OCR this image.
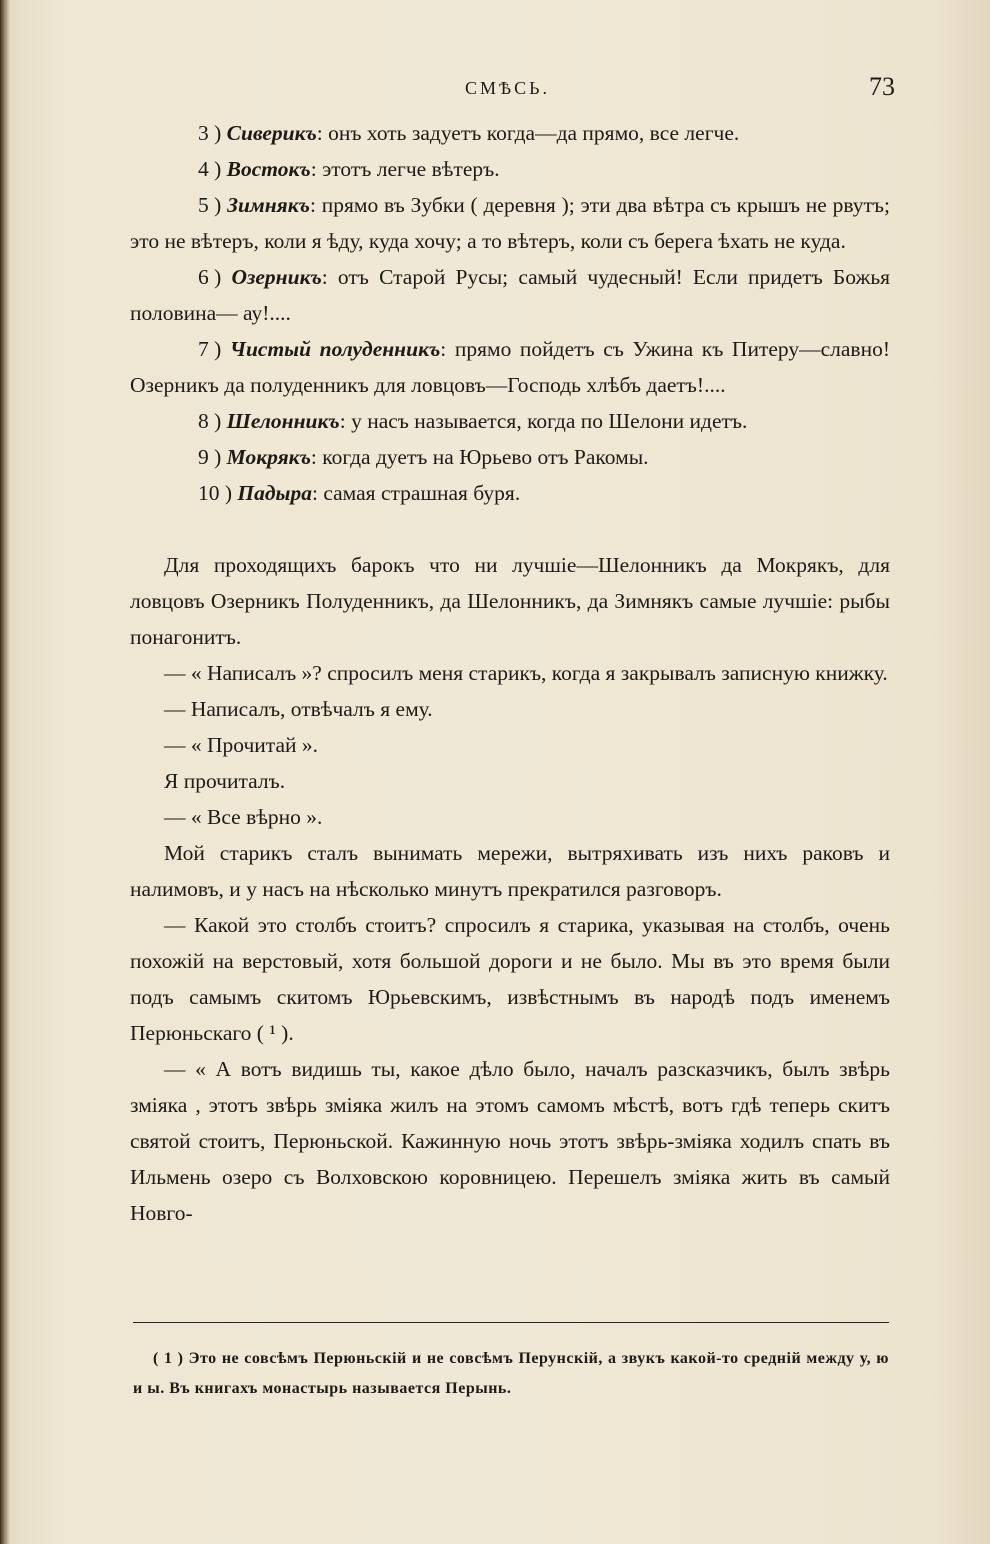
СМѢСЬ.	73

3 ) Сиверикъ: онъ хоть задуетъ когда—да прямо, все легче.

4 ) Востокъ: этотъ легче вѣтеръ.

5 ) Зимнякъ: прямо въ Зубки ( деревня ); эти два вѣтра съ крышъ не рвутъ; это не вѣтеръ, коли я ѣду, куда хочу; а то вѣтеръ, коли съ берега ѣхать не куда.

6 ) Озерникъ: отъ Старой Русы; самый чудесный! Если придетъ Божья половина— ау!....

7 ) Чистый полуденникъ: прямо пойдетъ съ Ужина къ Питеру—славно! Озерникъ да полуденникъ для ловцовъ—Господь хлѣбъ даетъ!....

8 ) Шелонникъ: у насъ называется, когда по Шелони идетъ.

9 ) Мокрякъ: когда дуетъ на Юрьево отъ Ракомы.

10 ) Падыра: самая страшная буря.

Для проходящихъ барокъ что ни лучшіе—Шелонникъ да Мокрякъ, для ловцовъ Озерникъ Полуденникъ, да Шелонникъ, да Зимнякъ самые лучшіе: рыбы понагонитъ.

— « Написалъ »? спросилъ меня старикъ, когда я закрывалъ записную книжку.

— Написалъ, отвѣчалъ я ему.

— « Прочитай ».

Я прочиталъ.

— « Все вѣрно ».

Мой старикъ сталъ вынимать мережи, вытряхивать изъ нихъ раковъ и налимовъ, и у насъ на нѣсколько минутъ прекратился разговоръ.

— Какой это столбъ стоитъ? спросилъ я старика, указывая на столбъ, очень похожій на верстовый, хотя большой дороги и не было. Мы въ это время были подъ самымъ скитомъ Юрьевскимъ, извѣстнымъ въ народѣ подъ именемъ Перюньскаго ( ¹ ).

— « А вотъ видишь ты, какое дѣло было, началъ разсказчикъ, былъ звѣрь зміяка , этотъ звѣрь зміяка жилъ на этомъ самомъ мѣстѣ, вотъ гдѣ теперь скитъ святой стоитъ, Перюньской. Кажинную ночь этотъ звѣрь-зміяка ходилъ спать въ Ильмень озеро съ Волховскою коровницею. Перешелъ зміяка жить въ самый Новго-

( 1 ) Это не совсѣмъ Перюньскій и не совсѣмъ Перунскій, а звукъ какой-то средній между у, ю и ы. Въ книгахъ монастырь называется Перынь.
